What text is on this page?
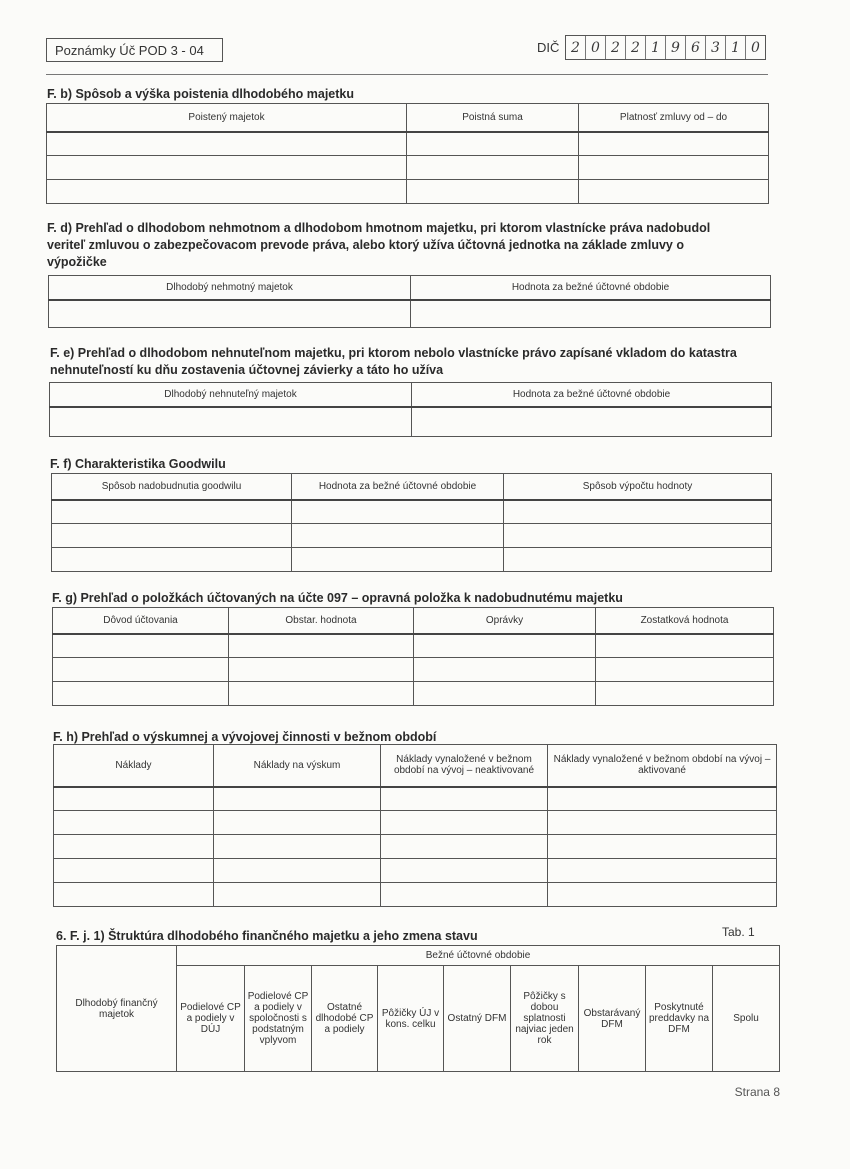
Poznámky Úč POD 3 - 04	DIČ 2 0 2 2 1 9 6 3 1 0
F. b) Spôsob a výška poistenia dlhodobého majetku
Poistený majetok	Poistná suma	Platnosť zmluvy od – do

F. d) Prehľad o dlhodobom nehmotnom a dlhodobom hmotnom majetku, pri ktorom vlastnícke práva nadobudol veriteľ zmluvou o zabezpečovacom prevode práva, alebo ktorý užíva účtovná jednotka na základe zmluvy o výpožičke
Dlhodobý nehmotný majetok	Hodnota za bežné účtovné obdobie

F. e) Prehľad o dlhodobom nehnuteľnom majetku, pri ktorom nebolo vlastnícke právo zapísané vkladom do katastra nehnuteľností ku dňu zostavenia účtovnej závierky a táto ho užíva
Dlhodobý nehnuteľný majetok	Hodnota za bežné účtovné obdobie

F. f) Charakteristika Goodwilu
Spôsob nadobudnutia goodwilu	Hodnota za bežné účtovné obdobie	Spôsob výpočtu hodnoty

F. g) Prehľad o položkách účtovaných na účte 097 – opravná položka k nadobudnutému majetku
Dôvod účtovania	Obstar. hodnota	Oprávky	Zostatková hodnota

F. h) Prehľad o výskumnej a vývojovej činnosti v bežnom období
Náklady	Náklady na výskum	Náklady vynaložené v bežnom období na vývoj – neaktivované	Náklady vynaložené v bežnom období na vývoj – aktivované

6. F. j. 1) Štruktúra dlhodobého finančného majetku a jeho zmena stavu	Tab. 1
Dlhodobý finančný majetok	Bežné účtovné obdobie								
	Podielové CP a podiely v DÚJ	Podielové CP a podiely v spoločnosti s podstatným vplyvom	Ostatné dlhodobé CP a podiely	Pôžičky ÚJ v kons. celku	Ostatný DFM	Pôžičky s dobou splatnosti najviac jeden rok	Obstarávaný DFM	Poskytnuté preddavky na DFM	Spolu
Strana 8
